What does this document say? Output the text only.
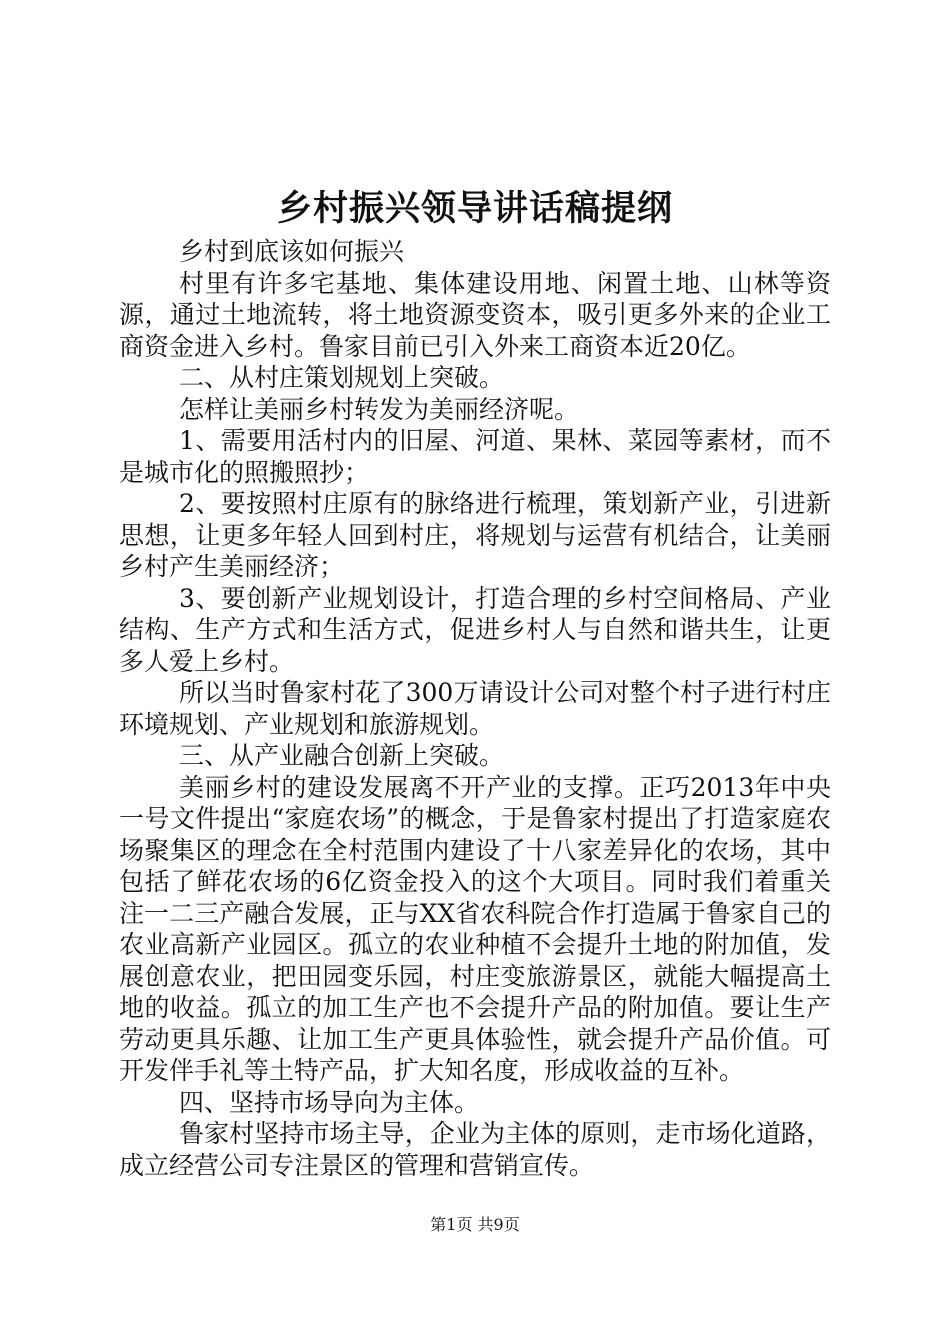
乡村振兴领导讲话稿提纲

乡村到底该如何振兴

村里有许多宅基地、集体建设用地、闲置土地、山林等资源，通过土地流转，将土地资源变资本，吸引更多外来的企业工商资金进入乡村。鲁家目前已引入外来工商资本近20亿。

二、从村庄策划规划上突破。

怎样让美丽乡村转发为美丽经济呢。

1、需要用活村内的旧屋、河道、果林、菜园等素材，而不是城市化的照搬照抄；

2、要按照村庄原有的脉络进行梳理，策划新产业，引进新思想，让更多年轻人回到村庄，将规划与运营有机结合，让美丽乡村产生美丽经济；

3、要创新产业规划设计，打造合理的乡村空间格局、产业结构、生产方式和生活方式，促进乡村人与自然和谐共生，让更多人爱上乡村。

所以当时鲁家村花了300万请设计公司对整个村子进行村庄环境规划、产业规划和旅游规划。

三、从产业融合创新上突破。

美丽乡村的建设发展离不开产业的支撑。正巧2013年中央一号文件提出“家庭农场”的概念，于是鲁家村提出了打造家庭农场聚集区的理念在全村范围内建设了十八家差异化的农场，其中包括了鲜花农场的6亿资金投入的这个大项目。同时我们着重关注一二三产融合发展，正与XX省农科院合作打造属于鲁家自己的农业高新产业园区。孤立的农业种植不会提升土地的附加值，发展创意农业，把田园变乐园，村庄变旅游景区，就能大幅提高土地的收益。孤立的加工生产也不会提升产品的附加值。要让生产劳动更具乐趣、让加工生产更具体验性，就会提升产品价值。可开发伴手礼等土特产品，扩大知名度，形成收益的互补。

四、坚持市场导向为主体。

鲁家村坚持市场主导，企业为主体的原则，走市场化道路，成立经营公司专注景区的管理和营销宣传。

第1页 共9页
